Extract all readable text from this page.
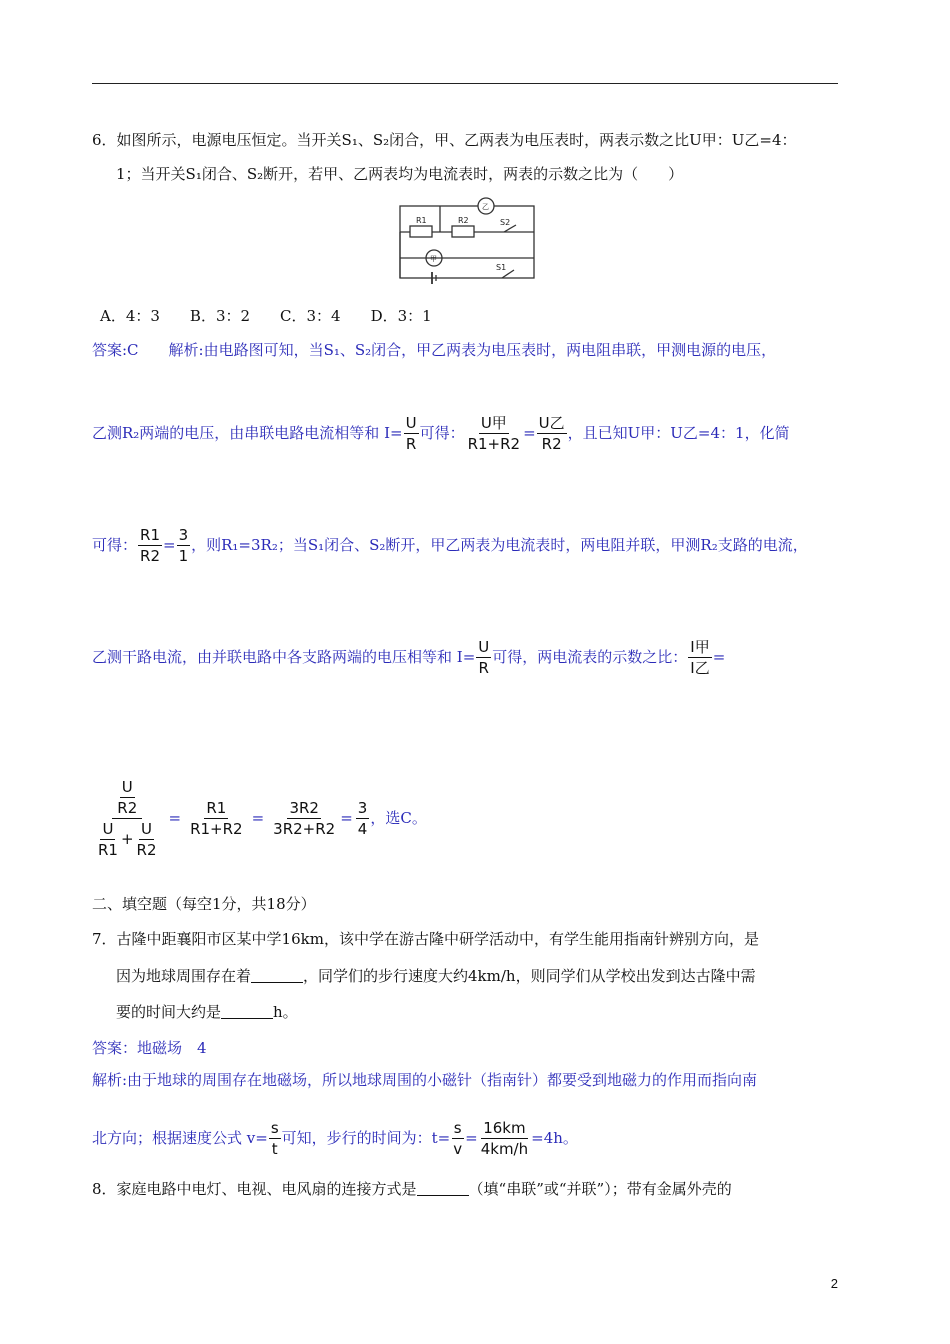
6．如图所示，电源电压恒定。当开关S₁、S₂闭合，甲、乙两表为电压表时，两表示数之比U甲：U乙=4：
1；当开关S₁闭合、S₂断开，若甲、乙两表均为电流表时，两表的示数之比为（　　）
R1	R2	S2
S1
乙
甲
A．4：3　　B．3：2　　C．3：4　　D．3：1
答案:C　　解析:由电路图可知，当S₁、S₂闭合，甲乙两表为电压表时，两电阻串联，甲测电源的电压，
乙测R₂两端的电压，由串联电路电流相等和 $I= \frac{U}{R}$ 可得： $\frac{\text{U甲}}{R1+R2} = \frac{\text{U乙}}{R2}$ ，且已知U甲：U乙=4：1，化简
可得： $\frac{R1}{R2} = \frac{3}{1}$ ，则R₁=3R₂；当S₁闭合、S₂断开，甲乙两表为电流表时，两电阻并联，甲测R₂支路的电流，
乙测干路电流，由并联电路中各支路两端的电压相等和 $I= \frac{U}{R}$ 可得，两电流表的示数之比： $\frac{\text{I甲}}{\text{I乙}}$ =
$\frac{\frac{U}{R2}}{\frac{U}{R1} + \frac{U}{R2}} = \frac{R1}{R1+R2} = \frac{3R2}{3R2+R2} = \frac{3}{4}$ ，选C。
二、填空题（每空1分，共18分）
7．古隆中距襄阳市区某中学16km，该中学在游古隆中研学活动中，有学生能用指南针辨别方向，是
因为地球周围存在着	，同学们的步行速度大约4km/h，则同学们从学校出发到达古隆中需
要的时间大约是	h。
答案：地磁场　4
解析:由于地球的周围存在地磁场，所以地球周围的小磁针（指南针）都要受到地磁力的作用而指向南
北方向；根据速度公式 $v= \frac{s}{t}$ 可知，步行的时间为：$t= \frac{s}{v} = \frac{16km}{4km/h} =4h$。
8．家庭电路中电灯、电视、电风扇的连接方式是	（填“串联”或“并联”）；带有金属外壳的
2
